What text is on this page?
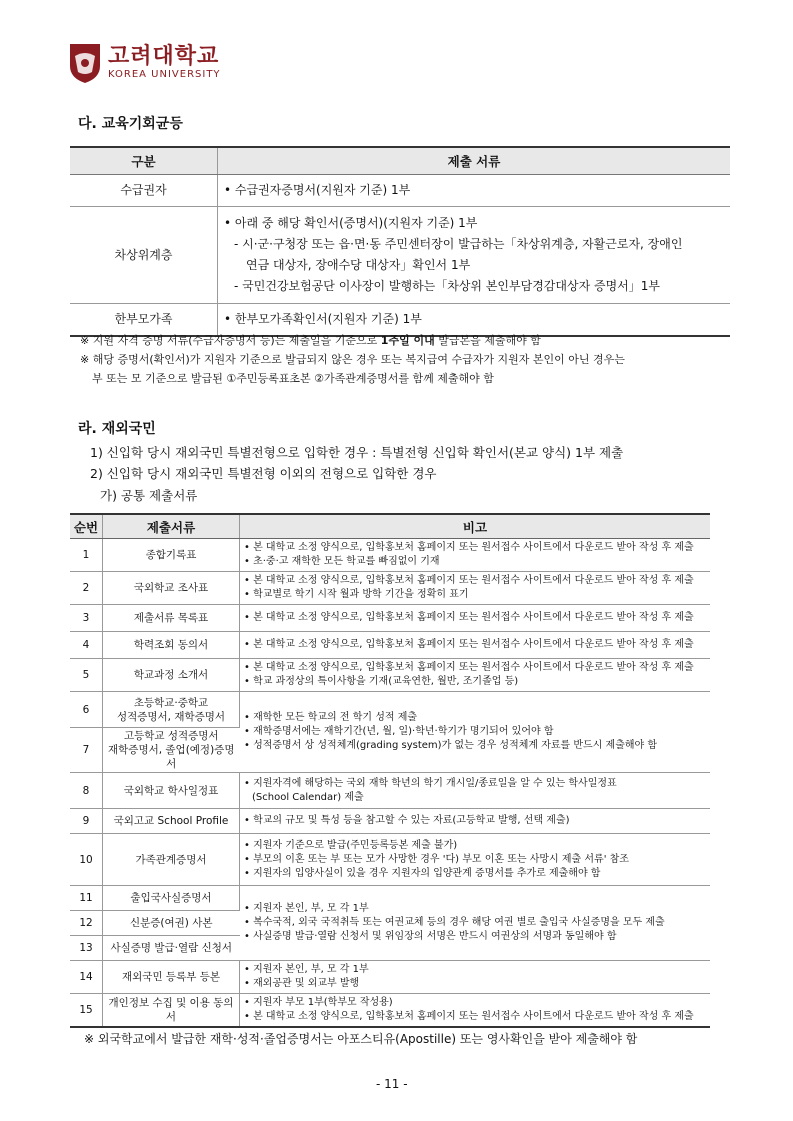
고려대학교
KOREA UNIVERSITY
다. 교육기회균등
구분	제출 서류
수급권자	• 수급권자증명서(지원자 기준) 1부

차상위계층	• 아래 중 해당 확인서(증명서)(지원자 기준) 1부
- 시·군·구청장 또는 읍·면·동 주민센터장이 발급하는「차상위계층, 자활근로자, 장애인
연금 대상자, 장애수당 대상자」확인서 1부
- 국민건강보험공단 이사장이 발행하는「차상위 본인부담경감대상자 증명서」1부

한부모가족	• 한부모가족확인서(지원자 기준) 1부
※ 지원 자격 증명 서류(수급자증명서 등)는 제출일을 기준으로 1주일 이내 발급본을 제출해야 함
※ 해당 증명서(확인서)가 지원자 기준으로 발급되지 않은 경우 또는 복지급여 수급자가 지원자 본인이 아닌 경우는
부 또는 모 기준으로 발급된 ①주민등록표초본 ②가족관계증명서를 함께 제출해야 함
라. 재외국민
1) 신입학 당시 재외국민 특별전형으로 입학한 경우 : 특별전형 신입학 확인서(본교 양식) 1부 제출
2) 신입학 당시 재외국민 특별전형 이외의 전형으로 입학한 경우
가) 공통 제출서류
순번	제출서류	비고
1	종합기록표	• 본 대학교 소정 양식으로, 입학홍보처 홈페이지 또는 원서접수 사이트에서 다운로드 받아 작성 후 제출
• 초·중·고 재학한 모든 학교를 빠짐없이 기재

2	국외학교 조사표	• 본 대학교 소정 양식으로, 입학홍보처 홈페이지 또는 원서접수 사이트에서 다운로드 받아 작성 후 제출
• 학교별로 학기 시작 월과 방학 기간을 정확히 표기

3	제출서류 목록표	• 본 대학교 소정 양식으로, 입학홍보처 홈페이지 또는 원서접수 사이트에서 다운로드 받아 작성 후 제출

4	학력조회 동의서	• 본 대학교 소정 양식으로, 입학홍보처 홈페이지 또는 원서접수 사이트에서 다운로드 받아 작성 후 제출

5	학교과정 소개서	• 본 대학교 소정 양식으로, 입학홍보처 홈페이지 또는 원서접수 사이트에서 다운로드 받아 작성 후 제출
• 학교 과정상의 특이사항을 기재(교육연한, 월반, 조기졸업 등)

6	초등학교·중학교
성적증명서, 재학증명서	• 재학한 모든 학교의 전 학기 성적 제출
• 재학증명서에는 재학기간(년, 월, 일)·학년·학기가 명기되어 있어야 함
• 성적증명서 상 성적체계(grading system)가 없는 경우 성적체계 자료를 반드시 제출해야 함

7	고등학교 성적증명서
재학증명서, 졸업(예정)증명서	

8	국외학교 학사일정표	• 지원자격에 해당하는 국외 재학 학년의 학기 개시일/종료일을 알 수 있는 학사일정표
(School Calendar) 제출

9	국외고교 School Profile	• 학교의 규모 및 특성 등을 참고할 수 있는 자료(고등학교 발행, 선택 제출)

10	가족관계증명서	• 지원자 기준으로 발급(주민등록등본 제출 불가)
• 부모의 이혼 또는 부 또는 모가 사망한 경우 '다) 부모 이혼 또는 사망시 제출 서류' 참조
• 지원자의 입양사실이 있을 경우 지원자의 입양관계 증명서를 추가로 제출해야 함

11	출입국사실증명서	• 지원자 본인, 부, 모 각 1부
• 복수국적, 외국 국적취득 또는 여권교체 등의 경우 해당 여권 별로 출입국 사실증명을 모두 제출
• 사실증명 발급·열람 신청서 및 위임장의 서명은 반드시 여권상의 서명과 동일해야 함

12	신분증(여권) 사본	
13	사실증명 발급·열람 신청서	
14	재외국민 등록부 등본	• 지원자 본인, 부, 모 각 1부
• 재외공관 및 외교부 발행

15	개인정보 수집 및 이용 동의서	• 지원자 부모 1부(학부모 작성용)
• 본 대학교 소정 양식으로, 입학홍보처 홈페이지 또는 원서접수 사이트에서 다운로드 받아 작성 후 제출
※ 외국학교에서 발급한 재학·성적·졸업증명서는 아포스티유(Apostille) 또는 영사확인을 받아 제출해야 함
- 11 -
